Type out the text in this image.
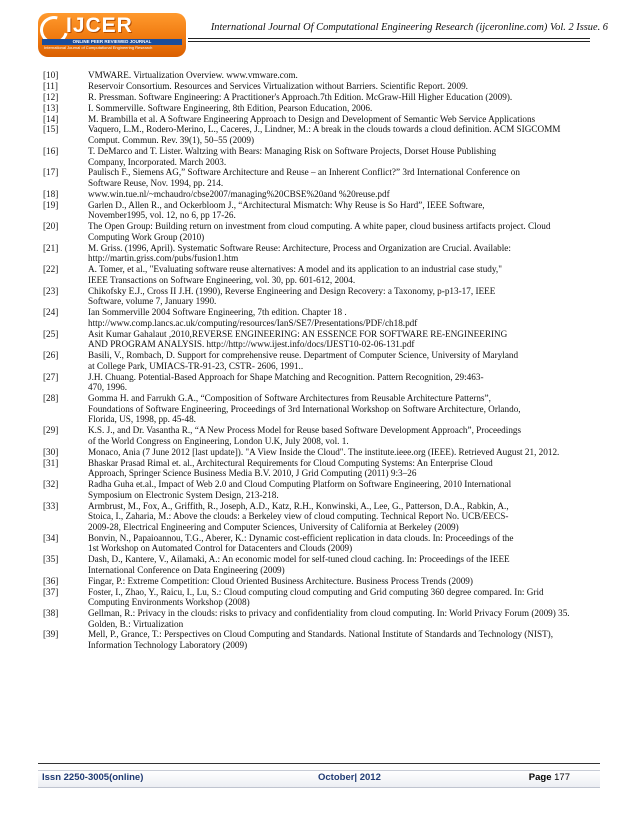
IJCER
ONLINE PEER REVIEWED JOURNAL
International Journal of Computational Engineering Research
International Journal Of Computational Engineering Research (ijceronline.com) Vol. 2 Issue. 6
[10]	VMWARE. Virtualization Overview. www.vmware.com.
[11]	Reservoir Consortium. Resources and Services Virtualization without Barriers. Scientific Report. 2009.
[12]	R. Pressman. Software Engineering: A Practitioner's Approach.7th Edition. McGraw-Hill Higher Education (2009).
[13]	I. Sommerville. Software Engineering, 8th Edition, Pearson Education, 2006.
[14]	M. Brambilla et al. A Software Engineering Approach to Design and Development of Semantic Web Service Applications
[15]	Vaquero, L.M., Rodero-Merino, L., Caceres, J., Lindner, M.: A break in the clouds towards a cloud definition. ACM SIGCOMM
Comput. Commun. Rev. 39(1), 50–55 (2009)
[16]	T. DeMarco and T. Lister. Waltzing with Bears: Managing Risk on Software Projects, Dorset House Publishing
Company, Incorporated. March 2003.
[17]	Paulisch F., Siemens AG,” Software Architecture and Reuse – an Inherent Conflict?” 3rd International Conference on
Software Reuse, Nov. 1994, pp. 214.
[18]	www.win.tue.nl/~mchaudro/cbse2007/managing%20CBSE%20and %20reuse.pdf
[19]	Garlen D., Allen R., and Ockerbloom J., “Architectural Mismatch: Why Reuse is So Hard”, IEEE Software,
November1995, vol. 12, no 6, pp 17-26.
[20]	The Open Group: Building return on investment from cloud computing. A white paper, cloud business artifacts project. Cloud
Computing Work Group (2010)
[21]	M. Griss. (1996, April). Systematic Software Reuse: Architecture, Process and Organization are Crucial. Available:
http://martin.griss.com/pubs/fusion1.htm
[22]	A. Tomer, et al., "Evaluating software reuse alternatives: A model and its application to an industrial case study,"
IEEE Transactions on Software Engineering, vol. 30, pp. 601-612, 2004.
[23]	Chikofsky E.J., Cross II J.H. (1990), Reverse Engineering and Design Recovery: a Taxonomy, p-p13-17, IEEE
Software, volume 7, January 1990.
[24]	Ian Sommerville 2004 Software Engineering, 7th edition. Chapter 18 .
http://www.comp.lancs.ac.uk/computing/resources/IanS/SE7/Presentations/PDF/ch18.pdf
[25]	Asit Kumar Gahalaut ,2010,REVERSE ENGINEERING: AN ESSENCE FOR SOFTWARE RE-ENGINEERING
AND PROGRAM ANALYSIS. http://http://www.ijest.info/docs/IJEST10-02-06-131.pdf
[26]	Basili, V., Rombach, D. Support for comprehensive reuse. Department of Computer Science, University of Maryland
at College Park, UMIACS-TR-91-23, CSTR- 2606, 1991..
[27]	J.H. Chuang. Potential-Based Approach for Shape Matching and Recognition. Pattern Recognition, 29:463-
470, 1996.
[28]	Gomma H. and Farrukh G.A., “Composition of Software Architectures from Reusable Architecture Patterns”,
Foundations of Software Engineering, Proceedings of 3rd International Workshop on Software Architecture, Orlando,
Florida, US, 1998, pp. 45-48.
[29]	K.S. J., and Dr. Vasantha R., “A New Process Model for Reuse based Software Development Approach”, Proceedings
of the World Congress on Engineering, London U.K, July 2008, vol. 1.
[30]	Monaco, Ania (7 June 2012 [last update]). "A View Inside the Cloud". The institute.ieee.org (IEEE). Retrieved August 21, 2012.
[31]	Bhaskar Prasad Rimal et. al., Architectural Requirements for Cloud Computing Systems: An Enterprise Cloud
Approach, Springer Science Business Media B.V. 2010, J Grid Computing (2011) 9:3–26
[32]	Radha Guha et.al., Impact of Web 2.0 and Cloud Computing Platform on Software Engineering, 2010 International
Symposium on Electronic System Design, 213-218.
[33]	Armbrust, M., Fox, A., Griffith, R., Joseph, A.D., Katz, R.H., Konwinski, A., Lee, G., Patterson, D.A., Rabkin, A.,
Stoica, I., Zaharia, M.: Above the clouds: a Berkeley view of cloud computing. Technical Report No. UCB/EECS-
2009-28, Electrical Engineering and Computer Sciences, University of California at Berkeley (2009)
[34]	Bonvin, N., Papaioannou, T.G., Aberer, K.: Dynamic cost-efficient replication in data clouds. In: Proceedings of the
1st Workshop on Automated Control for Datacenters and Clouds (2009)
[35]	Dash, D., Kantere, V., Ailamaki, A.: An economic model for self-tuned cloud caching. In: Proceedings of the IEEE
International Conference on Data Engineering (2009)
[36]	Fingar, P.: Extreme Competition: Cloud Oriented Business Architecture. Business Process Trends (2009)
[37]	Foster, I., Zhao, Y., Raicu, I., Lu, S.: Cloud computing cloud computing and Grid computing 360 degree compared. In: Grid
Computing Environments Workshop (2008)
[38]	Gellman, R.: Privacy in the clouds: risks to privacy and confidentiality from cloud computing. In: World Privacy Forum (2009) 35.
Golden, B.: Virtualization
[39]	Mell, P., Grance, T.: Perspectives on Cloud Computing and Standards. National Institute of Standards and Technology (NIST),
Information Technology Laboratory (2009)
Issn 2250-3005(online)	October| 2012	Page 177
